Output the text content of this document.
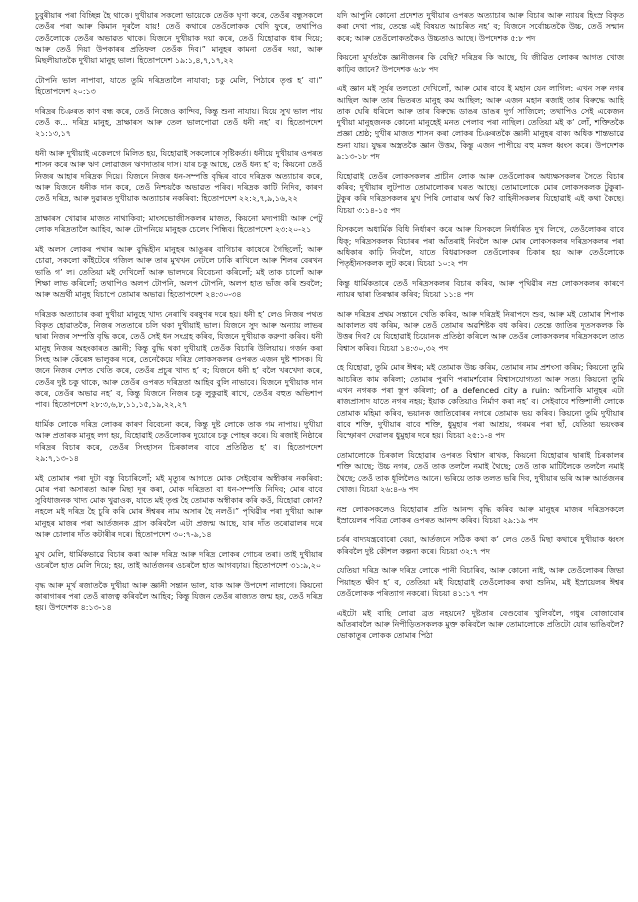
চুবুৰীয়াৰ পৰা বিচ্ছিন্ন হৈ থাকে। দুখীয়াৰ সকলো ভায়েকে তেওঁক ঘৃণা কৰে, তেওঁৰ বন্ধুসকলে তেওঁৰ পৰা আৰু কিমান দূৰলৈ যায়! তেওঁ কথাৰে তেওঁলোকক খেদি ফুৰে, তথাপিও তেওঁলোকে তেওঁৰ অভাৱত থাকে। যিজনে দুখীয়াক দয়া কৰে, তেওঁ যিহোৱাক ধাৰ দিয়ে; আৰু তেওঁ দিয়া উপকাৰৰ প্ৰতিফল তেওঁক দিব।” মানুহৰ কামনা তেওঁৰ দয়া, আৰু মিছলীয়াতকৈ দুখীয়া মানুহ ভাল। হিতোপদেশ ১৯:১,৪,৭,১৭,২২

টোপনি ভাল নাপাবা, যাতে তুমি দৰিদ্ৰতালৈ নাযাবা; চকু মেলি, পিঠাৰে তৃপ্ত হ’ বা।” হিতোপদেশ ২০:১৩

দৰিদ্ৰৰ চিঞৰত কাণ বন্ধ কৰে, তেওঁ নিজেও কান্দিব, কিন্তু শুনা নাযায়। যিয়ে সুখ ভাল পায় তেওঁ ক... দৰিদ্ৰ মানুহ, দ্ৰাক্ষাৰস আৰু তেল ভালপোৱা তেওঁ ধনী নহ’ ব। হিতোপদেশ ২১:১৩,১৭

ধনী আৰু দুখীয়াই একেলগে মিলিত হয়, যিহোৱাই সকলোৰে সৃষ্টিকৰ্তা। ধনীয়ে দুখীয়াৰ ওপৰত শাসন কৰে আৰু ঋণ লোৱাজন ঋণদাতাৰ দাস। যাৰ চকু আছে, তেওঁ ধন্য হ’ ব; কিয়নো তেওঁ নিজৰ আহাৰ দৰিদ্ৰক দিয়ে। যিজনে নিজৰ ধন-সম্পত্তি বৃদ্ধিৰ বাবে দৰিদ্ৰক অত্যাচাৰ কৰে, আৰু যিজনে ধনীক দান কৰে, তেওঁ নিশ্চয়কৈ অভাৱত পৰিব। দৰিদ্ৰক কাটি নিদিব, কাৰণ তেওঁ দৰিদ্ৰ, আৰু দুৱাৰত দুখীয়াক অত্যাচাৰ নকৰিবা: হিতোপদেশ ২২:২,৭,৯,১৬,২২

দ্ৰাক্ষাৰস খোৱাৰ মাজত নাথাকিবা; মাংসভোজীসকলৰ মাজত, কিয়নো মদ্যপায়ী আৰু পেটু লোক দৰিদ্ৰতালৈ আহিব, আৰু টোপনিয়ে মানুহক চেলেং পিন্ধিব। হিতোপদেশ ২৩:২০-২১

মই অলস লোকৰ পথাৰ আৰু বুদ্ধিহীন মানুহৰ আঙুৰৰ বাগিচাৰ কাষেৰে গৈছিলোঁ; আৰু চোৱা, সকলো কাঁইটেৰে গজিল আৰু তাৰ মুখখন নেটলে ঢাকি ৰাখিলে আৰু শিলৰ বেৰখন ভাঙি গ’ ল। তেতিয়া মই দেখিলোঁ আৰু ভালদৰে বিবেচনা কৰিলোঁ; মই তাক চালোঁ আৰু শিক্ষা লাভ কৰিলোঁ; তথাপিও অলপ টোপনি, অলপ টোপনি, অলপ হাত ভাঁজ কৰি শুবলৈ; আৰু অভ্ৰৰ্থী মানুহ যিচাপে তোমাৰ অভাৱ। হিতোপদেশ ২৪:৩০-৩৪

দৰিদ্ৰক অত্যাচাৰ কৰা দুখীয়া মানুহে খাদ্য নেৰাখি বৰষুণৰ দৰে হয়। ধনী হ’ লেও নিজৰ পথত বিকৃত হোৱাতকৈ, নিজৰ সততাৰে চলি থকা দুখীয়াই ভাল। যিজনে সুদ আৰু অন্যায় লাভৰ দ্বাৰা নিজৰ সম্পত্তি বৃদ্ধি কৰে, তেওঁ সেই ধন সংগ্ৰহ কৰিব, যিজনে দুখীয়াক করুণা কৰিব। ধনী মানুহ নিজৰ অহংকাৰত জ্ঞানী; কিন্তু বুদ্ধি থকা দুখীয়াই তেওঁক বিচাৰি উলিয়ায়। গৰ্জন কৰা সিংহ আৰু কেঁৰেঙ্গ ভালুকৰ দৰে, তেনেকৈয়ে দৰিদ্ৰ লোকসকলৰ ওপৰত এজন দুষ্ট শাসক। যি জনে নিজৰ দেশত খেতি কৰে, তেওঁৰ প্ৰচুৰ খাদ্য হ’ ব; যিজনে ধনী হ’ বলৈ খৰখেদা কৰে, তেওঁৰ দুষ্ট চকু থাকে, আৰু তেওঁৰ ওপৰত দৰিদ্ৰতা আহিব বুলি নাভাবে। যিজনে দুখীয়াক দান কৰে, তেওঁৰ অভাৱ নহ’ ব, কিন্তু যিজনে নিজৰ চকু লুকুৱাই ৰাখে, তেওঁৰ বহুত অভিশাপ পাব। হিতোপদেশ ২৮:৩,৬,৮,১১,১৫,১৯,২২,২৭

ধাৰ্মিক লোকে দৰিদ্ৰ লোকৰ কাৰণ বিবেচনা কৰে, কিন্তু দুষ্ট লোকে তাক গম নাপায়। দুখীয়া আৰু প্ৰতাৰক মানুহ লগ হয়, যিহোৱাই তেওঁলোকৰ দুয়োৰে চকু পোহৰ কৰে। যি ৰজাই নিষ্ঠাৰে দৰিদ্ৰৰ বিচাৰ কৰে, তেওঁৰ সিংহাসন চিৰকালৰ বাবে প্ৰতিষ্ঠিত হ’ ব। হিতোপদেশ ২৯:৭,১৩-১৪

মই তোমাৰ পৰা দুটা বস্তু বিচাৰিলোঁ; মই মৃত্যুৰ আগতে মোক সেইবোৰ অস্বীকাৰ নকৰিবা: মোৰ পৰা অসাৰতা আৰু মিছা দূৰ কৰা, মোক দৰিদ্ৰতা বা ধন-সম্পত্তি নিদিব; মোৰ বাবে সুবিধাজনক খাদ্য মোক খুৱাওক, যাতে মই তৃপ্ত হৈ তোমাক অস্বীকাৰ কৰি কওঁ, যিহোৱা কোন? নহলে মই দৰিদ্ৰ হৈ চুৰি কৰি মোৰ ঈশ্বৰৰ নাম অসাৰ হৈ নলওঁ।” পৃথিৱীৰ পৰা দুখীয়া আৰু মানুহৰ মাজৰ পৰা আৰ্তজনক গ্ৰাস কৰিবলৈ এটা প্ৰজন্ম আছে, যাৰ দাঁত তৰোৱালৰ দৰে আৰু চোলাৰ দাঁত কটাৰীৰ দৰে। হিতোপদেশ ৩০:৭-৯,১৪

মুখ মেলি, ধাৰ্মিকভাৱে বিচাৰ কৰা আৰু দৰিদ্ৰ আৰু দৰিদ্ৰ লোকৰ গোচৰ তৰা। তাই দুখীয়াৰ ওচৰলৈ হাত মেলি দিয়ে; হয়, তাই আৰ্তজনৰ ওচৰলৈ হাত আগবঢ়ায়। হিতোপদেশ ৩১:৯,২০

বৃদ্ধ আৰু মূৰ্খ ৰজাতকৈ দুখীয়া আৰু জ্ঞানী সন্তান ভাল, যাক আৰু উপদেশ নালাগে। কিয়নো কাৰাগাৰৰ পৰা তেওঁ ৰাজত্ব কৰিবলৈ আহিব; কিন্তু যিজন তেওঁৰ ৰাজ্যত জন্ম হয়, তেওঁ দৰিদ্ৰ হয়। উপদেশক ৪:১৩-১৪

যদি আপুনি কোনো প্ৰদেশত দুখীয়াৰ ওপৰত অত্যাচাৰ আৰু বিচাৰ আৰু ন্যায়ৰ হিংস্ৰ বিকৃত কৰা দেখা পায়, তেন্তে এই বিষয়ত আচৰিত নহ’ ব; যিজনে সৰ্বোচ্চতকৈ উচ্চ, তেওঁ সন্মান কৰে; আৰু তেওঁলোকতকৈও উচ্চতাও আছে। উপদেশক ৫:৮ পদ

কিয়নো মূৰ্খতকৈ জ্ঞানীজনৰ কি বেছি? দৰিদ্ৰৰ কি আছে, যি জীৱিত লোকৰ আগত খোজ কাঢ়িব জানে? উপদেশক ৬:৮ পদ

এই জ্ঞান মই সূৰ্যৰ তলতো দেখিলোঁ, আৰু মোৰ বাবে ই মহান যেন লাগিল: এখন সৰু নগৰ আছিল আৰু তাৰ ভিতৰত মানুহ কম আছিল; আৰু এজন মহান ৰজাই তাৰ বিৰুদ্ধে আহি তাক ঘেৰি ধৰিলে আৰু তাৰ বিৰুদ্ধে ডাঙৰ ডাঙৰ দুৰ্গ সাজিলে; তথাপিও সেই একেজন দুখীয়া মানুহজনক কোনো মানুহেই মনত পেলাব পৰা নাছিল। তেতিয়া মই ক’ লোঁ, শক্তিতকৈ প্ৰজ্ঞা শ্ৰেষ্ঠ; দুখীৰ মাজত শাসন কৰা লোকৰ চিঞৰতকৈ জ্ঞানী মানুহৰ বাক্য অধিক শান্তভাৱে শুনা যায়। যুদ্ধৰ অস্ত্ৰতকৈ জ্ঞান উত্তম, কিন্তু এজন পাপীয়ে বহু মঙ্গল ধ্বংস কৰে। উপদেশক ৯:১৩-১৮ পদ

যিহোৱাই তেওঁৰ লোকসকলৰ প্ৰাচীন লোক আৰু তেওঁলোকৰ অধ্যক্ষসকলৰ সৈতে বিচাৰ কৰিব; দুখীয়াৰ লুটপাত তোমালোকৰ ঘৰত আছে। তোমালোকে মোৰ লোকসকলক টুকুৰা-টুকুৰ কৰি দৰিদ্ৰসকলৰ মুখ পিষি লোৱাৰ অৰ্থ কি? বাহিনীসকলৰ যিহোৱাই এই কথা কৈছে। যিচয়া ৩:১৪-১৫ পদ

যিসকলে অধাৰ্মিক বিধি নিৰ্ধাৰণ কৰে আৰু যিসকলে নিৰ্ধাৰিত দুখ লিখে, তেওঁলোকৰ বাবে ধিক্; দৰিদ্ৰসকলক বিচাৰৰ পৰা আঁতৰাই নিবলৈ আৰু মোৰ লোকসকলৰ দৰিদ্ৰসকলৰ পৰা অধিকাৰ কাঢ়ি নিবলৈ, যাতে বিধৱাসকল তেওঁলোকৰ চিকাৰ হয় আৰু তেওঁলোকে পিতৃহীনসকলক লুট কৰে। যিচয়া ১০:২ পদ

কিন্তু ধাৰ্মিকতাৰে তেওঁ দৰিদ্ৰসকলৰ বিচাৰ কৰিব, আৰু পৃথিৱীৰ নম্ৰ লোকসকলৰ কাৰণে ন্যায়ৰ দ্বাৰা তিৰস্কাৰ কৰিব; যিচয়া ১১:৪ পদ

আৰু দৰিদ্ৰৰ প্ৰথম সন্তানে খেতি কৰিব, আৰু দৰিদ্ৰই নিৰাপদে শুব, আৰু মই তোমাৰ শিপাক আকালত বধ কৰিম, আৰু তেওঁ তোমাৰ অৱশিষ্টক বধ কৰিব। তেন্তে জাতিৰ দূতসকলক কি উত্তৰ দিব? যে যিহোৱাই চিয়োনক প্ৰতিষ্ঠা কৰিলে আৰু তেওঁৰ লোকসকলৰ দৰিদ্ৰসকলে তাত বিশ্বাস কৰিব। যিচয়া ১৪:৩০,৩২ পদ

হে যিহোৱা, তুমি মোৰ ঈশ্বৰ; মই তোমাক উচ্চ কৰিম, তোমাৰ নাম প্ৰশংসা কৰিম; কিয়নো তুমি আচৰিত কাম কৰিলা; তোমাৰ পুৰণি পৰামৰ্শবোৰ বিশ্বাসযোগ্যতা আৰু সত্য। কিয়নো তুমি এখন নগৰক পৰা স্তূপ কৰিলা; of a defenced city a ruin: অচিনাকি মানুহৰ এটা ৰাজপ্ৰাসাদ যাতে নগৰ নহয়; ইয়াক কেতিয়াও নিৰ্মাণ কৰা নহ’ ব। সেইবাবে শক্তিশালী লোকে তোমাক মহিমা কৰিব, ভয়ানক জাতিবোৰৰ নগৰে তোমাক ভয় কৰিব। কিয়নো তুমি দুখীয়াৰ বাবে শক্তি, দুখীয়াৰ বাবে শক্তি, ধুমুহাৰ পৰা আশ্ৰয়, গৰমৰ পৰা ছাঁ, যেতিয়া ভয়ংকৰ বিস্ফোৰণ দেৱালৰ ধুমুহাৰ দৰে হয়। যিচয়া ২৫:১-৪ পদ

তোমালোকে চিৰকাল যিহোৱাৰ ওপৰত বিশ্বাস ৰাখক, কিয়নো যিহোৱাৰ দ্বাৰাই চিৰকালৰ শক্তি আছে; উচ্চ নগৰ, তেওঁ তাক তললৈ নমাই থৈছে; তেওঁ তাক মাটিলৈকে তললৈ নমাই থৈছে; তেওঁ তাক ধূলিলৈও আনে। ভৰিয়ে তাক তলত ভৰি দিব, দুখীয়াৰ ভৰি আৰু আৰ্তজনৰ খোজ। যিচয়া ২৬:৪-৬ পদ

নম্ৰ লোকসকলেও যিহোৱাৰ প্ৰতি আনন্দ বৃদ্ধি কৰিব আৰু মানুহৰ মাজৰ দৰিদ্ৰসকলে ইস্ৰায়েলৰ পবিত্ৰ লোকৰ ওপৰত আনন্দ কৰিব। যিচয়া ২৯:১৯ পদ

চৰ্বৰ বাদ্যযন্ত্ৰবোৰো বেয়া, আৰ্তজনে সঠিক কথা ক’ লেও তেওঁ মিছা কথাৰে দুখীয়াক ধ্বংস কৰিবলৈ দুষ্ট কৌশল কল্পনা কৰে। যিচয়া ৩২:৭ পদ

যেতিয়া দৰিদ্ৰ আৰু দৰিদ্ৰ লোকে পানী বিচাৰিব, আৰু কোনো নাই, আৰু তেওঁলোকৰ জিভা পিয়াহত ক্ষীণ হ’ ব, তেতিয়া মই যিহোৱাই তেওঁলোকৰ কথা শুনিম, মই ইস্ৰায়েলৰ ঈশ্বৰ তেওঁলোকক পৰিত্যাগ নকৰো। যিচয়া ৪১:১৭ পদ

এইটো মই বাছি লোৱা ব্ৰত নহয়নে? দুষ্টতাৰ বেণ্ডবোৰ খুলিবলৈ, গধুৰ বোজাবোৰ আঁতৰাবলৈ আৰু নিপীড়িতসকলক মুক্ত কৰিবলৈ আৰু তোমালোকে প্ৰতিটো যোৰ ভাঙিবলৈ? ভোকাতুৰ লোকক তোমাৰ পিঠা
